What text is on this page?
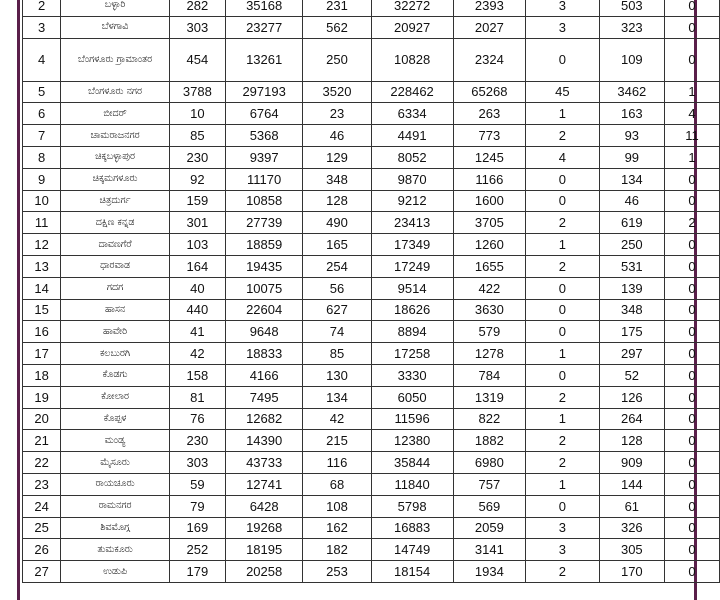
2	ಬಳ್ಳಾರಿ	282	35168	231	32272	2393	3	503	0
3	ಬೆಳಗಾವಿ	303	23277	562	20927	2027	3	323	0
4	ಬೆಂಗಳೂರು ಗ್ರಾಮಾಂತರ	454	13261	250	10828	2324	0	109	0
5	ಬೆಂಗಳೂರು ನಗರ	3788	297193	3520	228462	65268	45	3462	1
6	ಬೀದರ್	10	6764	23	6334	263	1	163	4
7	ಚಾಮರಾಜನಗರ	85	5368	46	4491	773	2	93	11
8	ಚಿಕ್ಕಬಳ್ಳಾಪುರ	230	9397	129	8052	1245	4	99	1
9	ಚಿಕ್ಕಮಗಳೂರು	92	11170	348	9870	1166	0	134	0
10	ಚಿತ್ರದುರ್ಗ	159	10858	128	9212	1600	0	46	0
11	ದಕ್ಷಿಣ ಕನ್ನಡ	301	27739	490	23413	3705	2	619	2
12	ದಾವಣಗೆರೆ	103	18859	165	17349	1260	1	250	0
13	ಧಾರವಾಡ	164	19435	254	17249	1655	2	531	0
14	ಗದಗ	40	10075	56	9514	422	0	139	0
15	ಹಾಸನ	440	22604	627	18626	3630	0	348	0
16	ಹಾವೇರಿ	41	9648	74	8894	579	0	175	0
17	ಕಲಬುರಗಿ	42	18833	85	17258	1278	1	297	0
18	ಕೊಡಗು	158	4166	130	3330	784	0	52	0
19	ಕೋಲಾರ	81	7495	134	6050	1319	2	126	0
20	ಕೊಪ್ಪಳ	76	12682	42	11596	822	1	264	0
21	ಮಂಡ್ಯ	230	14390	215	12380	1882	2	128	0
22	ಮೈಸೂರು	303	43733	116	35844	6980	2	909	0
23	ರಾಯಚೂರು	59	12741	68	11840	757	1	144	0
24	ರಾಮನಗರ	79	6428	108	5798	569	0	61	0
25	ಶಿವಮೊಗ್ಗ	169	19268	162	16883	2059	3	326	0
26	ತುಮಕೂರು	252	18195	182	14749	3141	3	305	0
27	ಉಡುಪಿ	179	20258	253	18154	1934	2	170	0
